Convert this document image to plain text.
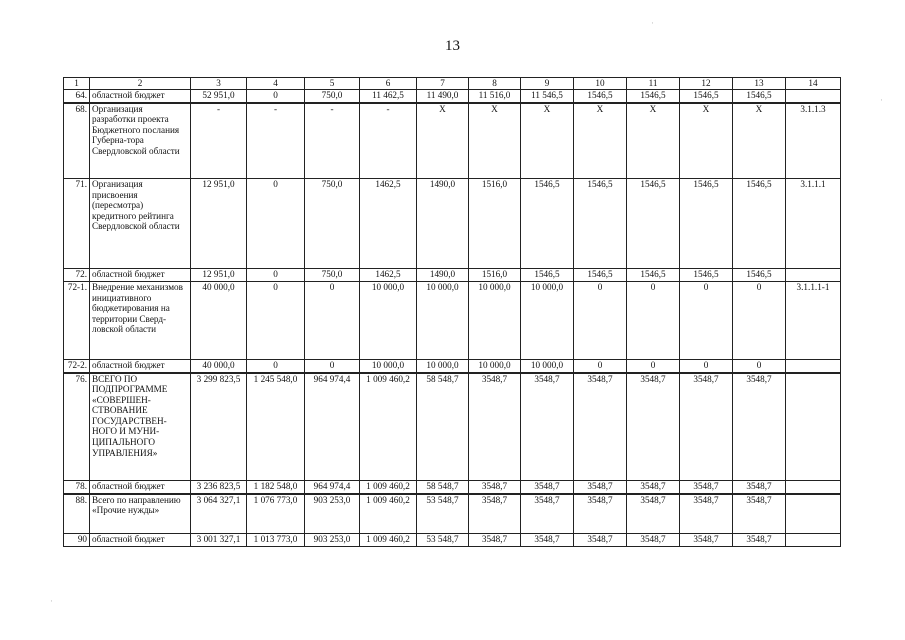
13
1	2	3	4	5	6	7	8	9	10	11	12	13	14
64.	областной бюджет	52 951,0	0	750,0	11 462,5	11 490,0	11 516,0	11 546,5	1546,5	1546,5	1546,5	1546,5	
68.	Организация разработки проекта Бюджетного послания Губерна-тора Свердловской области	-	-	-	-	X	X	X	X	X	X	X	3.1.1.3
71.	Организация присвоения (пересмотра) кредитного рейтинга Свердловской области	12 951,0	0	750,0	1462,5	1490,0	1516,0	1546,5	1546,5	1546,5	1546,5	1546,5	3.1.1.1
72.	областной бюджет	12 951,0	0	750,0	1462,5	1490,0	1516,0	1546,5	1546,5	1546,5	1546,5	1546,5	
72-1.	Внедрение механизмов инициативного бюджетирования на территории Сверд-ловской области	40 000,0	0	0	10 000,0	10 000,0	10 000,0	10 000,0	0	0	0	0	3.1.1.1-1
72-2.	областной бюджет	40 000,0	0	0	10 000,0	10 000,0	10 000,0	10 000,0	0	0	0	0	
76.	ВСЕГО ПО ПОДПРОГРАММЕ «СОВЕРШЕН-СТВОВАНИЕ ГОСУДАРСТВЕН-НОГО И МУНИ-ЦИПАЛЬНОГО УПРАВЛЕНИЯ»	3 299 823,5	1 245 548,0	964 974,4	1 009 460,2	58 548,7	3548,7	3548,7	3548,7	3548,7	3548,7	3548,7	
78.	областной бюджет	3 236 823,5	1 182 548,0	964 974,4	1 009 460,2	58 548,7	3548,7	3548,7	3548,7	3548,7	3548,7	3548,7	
88.	Всего по направлению «Прочие нужды»	3 064 327,1	1 076 773,0	903 253,0	1 009 460,2	53 548,7	3548,7	3548,7	3548,7	3548,7	3548,7	3548,7	
90	областной бюджет	3 001 327,1	1 013 773,0	903 253,0	1 009 460,2	53 548,7	3548,7	3548,7	3548,7	3548,7	3548,7	3548,7	
·
·
·
